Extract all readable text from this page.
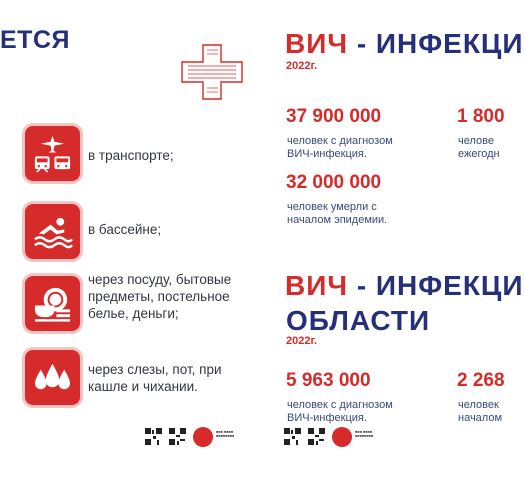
ЕТСЯ	ВИЧ - ИНФЕКЦИ
2022г.
37 900 000
человек с диагнозом
ВИЧ-инфекция.
32 000 000
человек умерли с
началом эпидемии.
1 800
челове
ежегодн
ВИЧ - ИНФЕКЦИ
ОБЛАСТИ
2022г.
5 963 000
человек с диагнозом
ВИЧ-инфекция.
2 268
человек
началом
в транспорте;
в бассейне;
через посуду, бытовые
предметы, постельное
белье, деньги;
через слезы, пот, при
кашле и чихании.
■■■ ■■■■
■■■■■■■■
■■■ ■■■■
■■■■■■■■
